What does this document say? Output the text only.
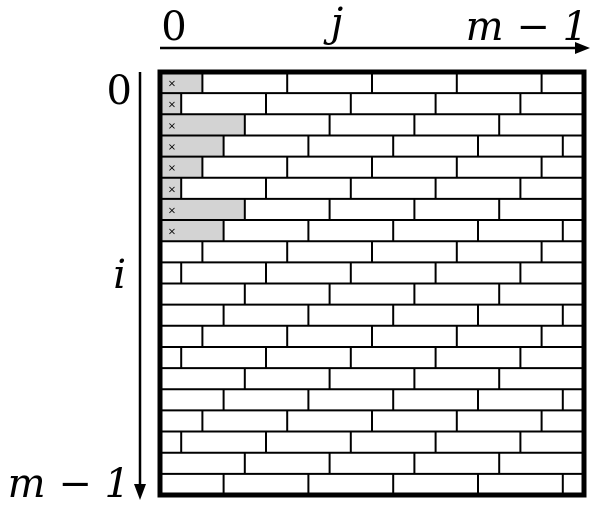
0	j	m − 1
0
i
m − 1
×
×
×
×
×
×
×
×
